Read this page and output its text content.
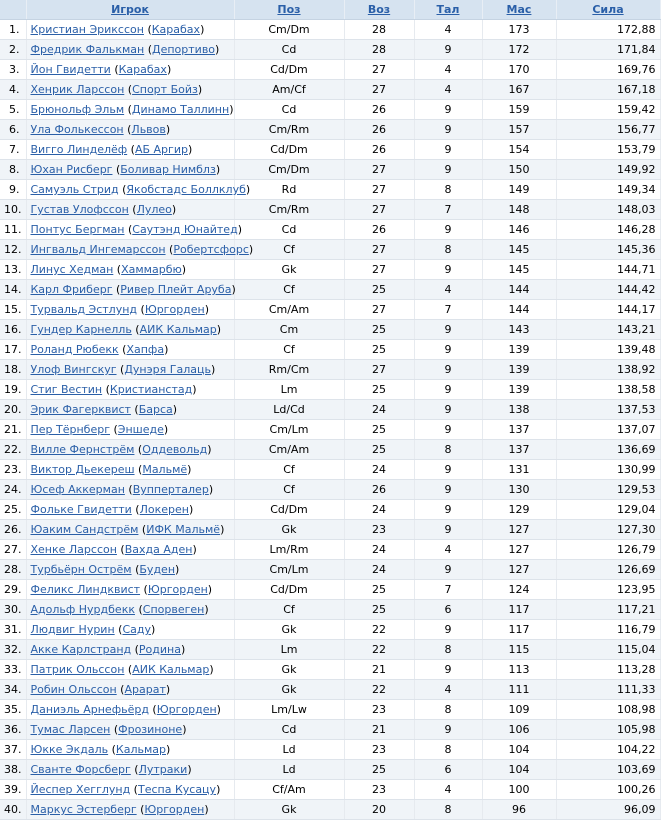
	Игрок	Поз	Воз	Тал	Мас	Сила
1.	Кристиан Эрикссон (Карабах)	Cm/Dm	28	4	173	172,88
2.	Фредрик Фалькман (Депортиво)	Cd	28	9	172	171,84
3.	Йон Гвидетти (Карабах)	Cd/Dm	27	4	170	169,76
4.	Хенрик Ларссон (Спорт Бойз)	Am/Cf	27	4	167	167,18
5.	Брюнольф Эльм (Динамо Таллинн)	Cd	26	9	159	159,42
6.	Ула Фолькессон (Львов)	Cm/Rm	26	9	157	156,77
7.	Вигго Линделёф (АБ Аргир)	Cd/Dm	26	9	154	153,79
8.	Юхан Рисберг (Боливар Нимблз)	Cm/Dm	27	9	150	149,92
9.	Самуэль Стрид (Якобстадс Боллклуб)	Rd	27	8	149	149,34
10.	Густав Улофссон (Лулео)	Cm/Rm	27	7	148	148,03
11.	Понтус Бергман (Саутэнд Юнайтед)	Cd	26	9	146	146,28
12.	Ингвальд Ингемарссон (Робертсфорс)	Cf	27	8	145	145,36
13.	Линус Хедман (Хаммарбю)	Gk	27	9	145	144,71
14.	Карл Фриберг (Ривер Плейт Аруба)	Cf	25	4	144	144,42
15.	Турвальд Эстлунд (Юргорден)	Cm/Am	27	7	144	144,17
16.	Гундер Карнелль (АИК Кальмар)	Cm	25	9	143	143,21
17.	Роланд Рюбекк (Хапфа)	Cf	25	9	139	139,48
18.	Улоф Вингскуг (Дунэря Галаць)	Rm/Cm	27	9	139	138,92
19.	Стиг Вестин (Кристианстад)	Lm	25	9	139	138,58
20.	Эрик Фагерквист (Барса)	Ld/Cd	24	9	138	137,53
21.	Пер Тёрнберг (Эншеде)	Cm/Lm	25	9	137	137,07
22.	Вилле Фернстрём (Оддевольд)	Cm/Am	25	8	137	136,69
23.	Виктор Дьекереш (Мальмё)	Cf	24	9	131	130,99
24.	Юсеф Аккерман (Вупперталер)	Cf	26	9	130	129,53
25.	Фольке Гвидетти (Локерен)	Cd/Dm	24	9	129	129,04
26.	Юаким Сандстрём (ИФК Мальмё)	Gk	23	9	127	127,30
27.	Хенке Ларссон (Вахда Аден)	Lm/Rm	24	4	127	126,79
28.	Турбьёрн Острём (Буден)	Cm/Lm	24	9	127	126,69
29.	Феликс Линдквист (Юргорден)	Cd/Dm	25	7	124	123,95
30.	Адольф Нурдбекк (Спорвеген)	Cf	25	6	117	117,21
31.	Людвиг Нурин (Саду)	Gk	22	9	117	116,79
32.	Акке Карлстранд (Родина)	Lm	22	8	115	115,04
33.	Патрик Ольссон (АИК Кальмар)	Gk	21	9	113	113,28
34.	Робин Ольссон (Арарат)	Gk	22	4	111	111,33
35.	Даниэль Арнефьёрд (Юргорден)	Lm/Lw	23	8	109	108,98
36.	Тумас Ларсен (Фрозиноне)	Cd	21	9	106	105,98
37.	Юкке Экдаль (Кальмар)	Ld	23	8	104	104,22
38.	Сванте Форсберг (Лутраки)	Ld	25	6	104	103,69
39.	Йеспер Хегглунд (Теспа Кусацу)	Cf/Am	23	4	100	100,26
40.	Маркус Эстерберг (Юргорден)	Gk	20	8	96	96,09
